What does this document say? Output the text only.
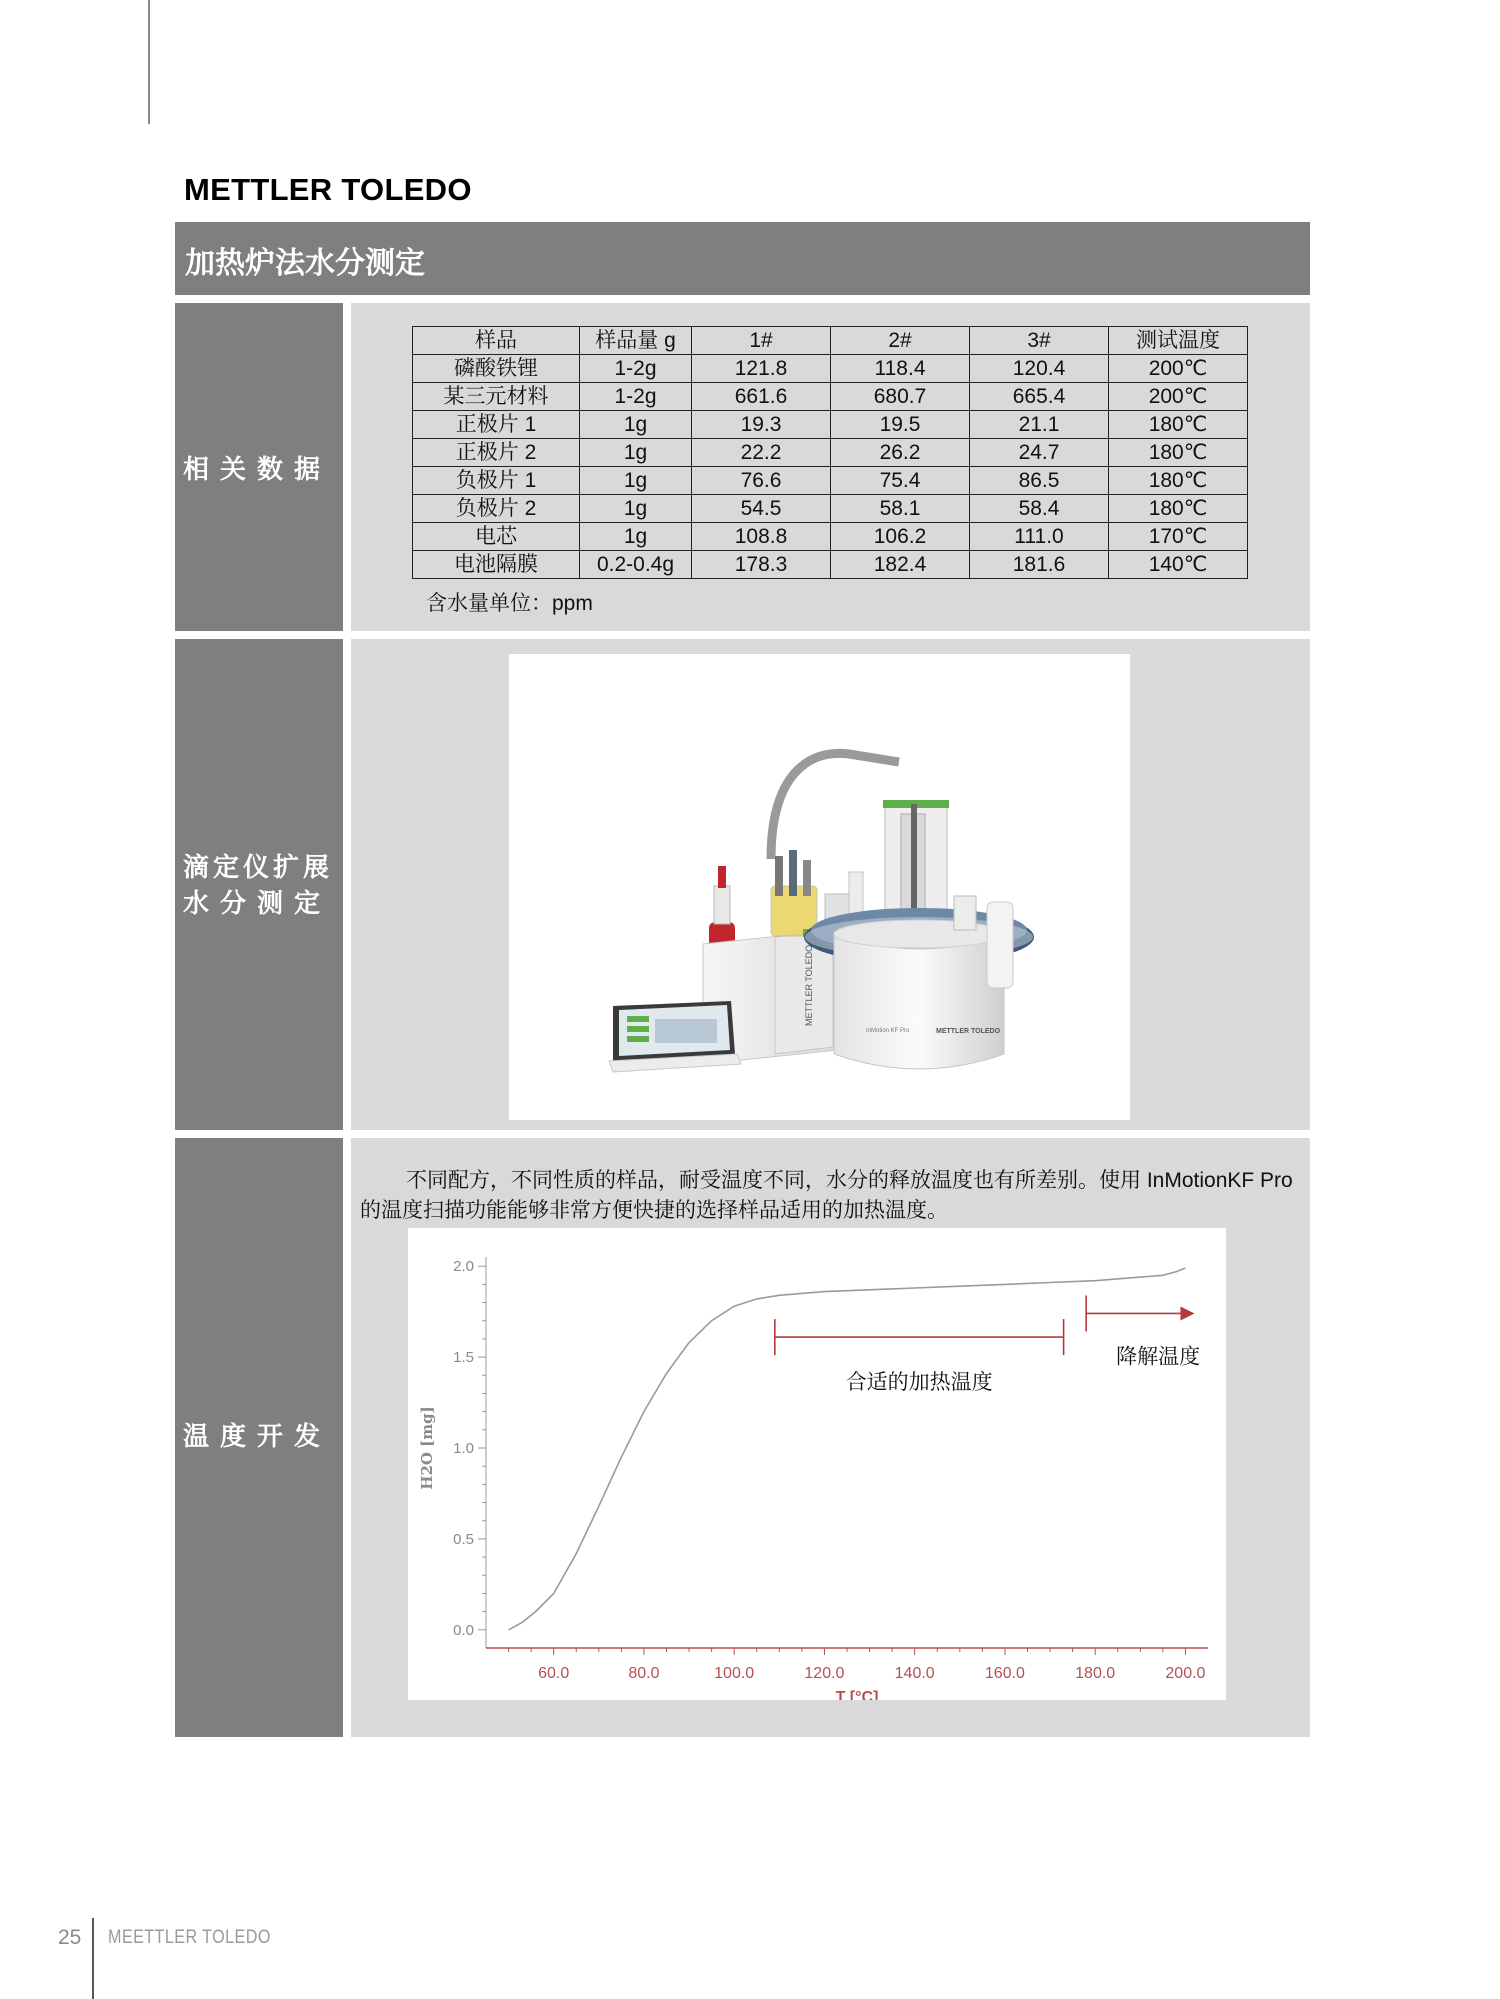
METTLER TOLEDO
加热炉法水分测定
相关数据
样品	样品量 g	1#	2#	3#	测试温度
磷酸铁锂	1-2g	121.8	118.4	120.4	200℃
某三元材料	1-2g	661.6	680.7	665.4	200℃
正极片 1	1g	19.3	19.5	21.1	180℃
正极片 2	1g	22.2	26.2	24.7	180℃
负极片 1	1g	76.6	75.4	86.5	180℃
负极片 2	1g	54.5	58.1	58.4	180℃
电芯	1g	108.8	106.2	111.0	170℃
电池隔膜	0.2-0.4g	178.3	182.4	181.6	140℃
含水量单位：ppm
滴定仪扩展
水分测定
METTLER TOLEDO
InMotion KF Pro	METTLER TOLEDO
温度开发
不同配方，不同性质的样品，耐受温度不同，水分的释放温度也有所差别。使用 InMotionKF Pro 的温度扫描功能能够非常方便快捷的选择样品适用的加热温度。
60.0	80.0	100.0	120.0	140.0	160.0	180.0	200.0
0.0
0.5
1.0
1.5
2.0
T [°C]
H2O [mg]
合适的加热温度
降解温度
25 MEETTLER TOLEDO
